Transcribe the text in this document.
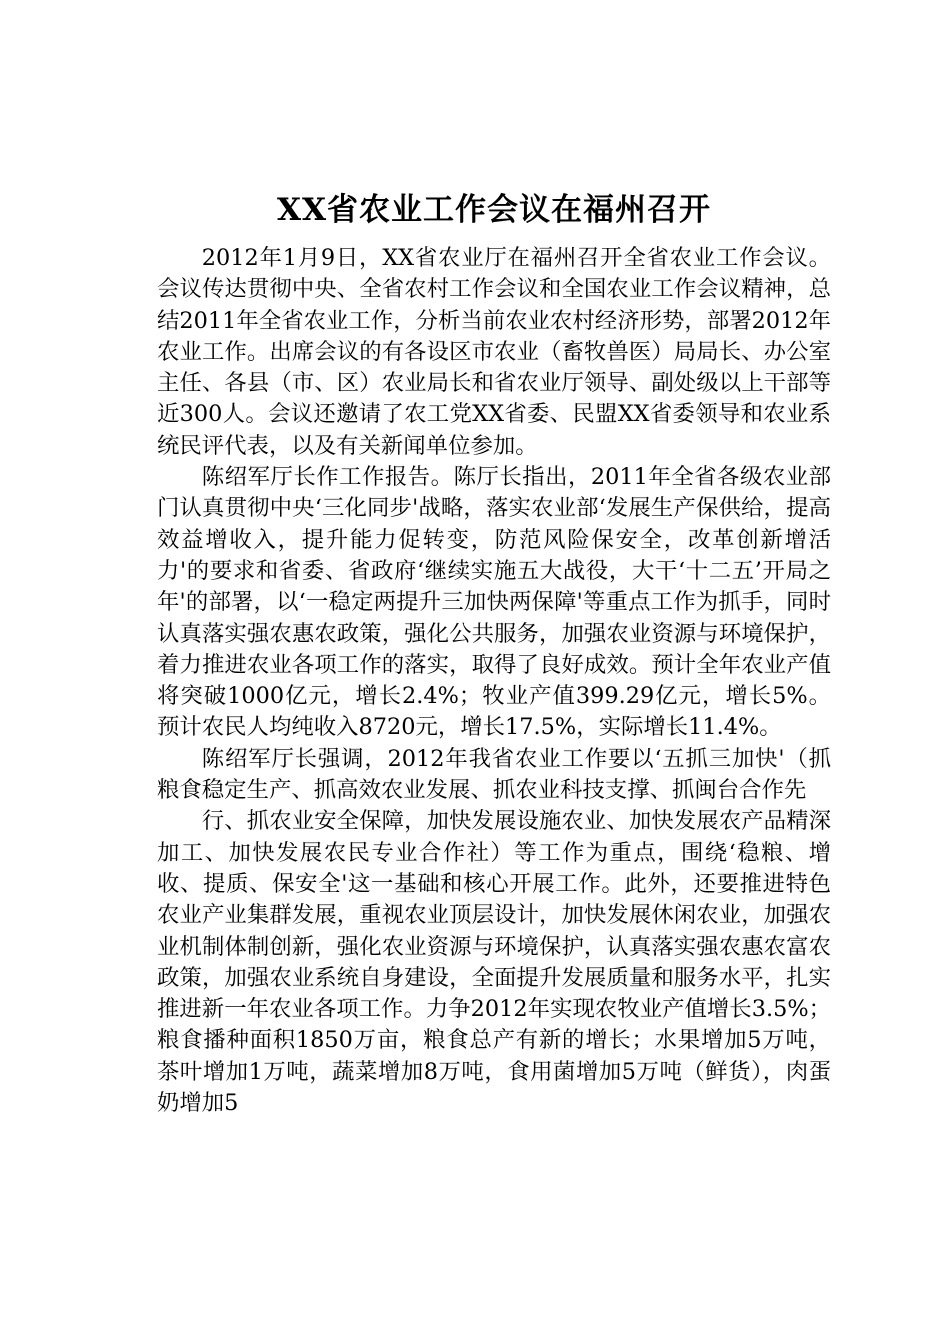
XX省农业工作会议在福州召开

2012年1月9日，XX省农业厅在福州召开全省农业工作会议。会议传达贯彻中央、全省农村工作会议和全国农业工作会议精神，总结2011年全省农业工作，分析当前农业农村经济形势，部署2012年农业工作。出席会议的有各设区市农业（畜牧兽医）局局长、办公室主任、各县（市、区）农业局长和省农业厅领导、副处级以上干部等近300人。会议还邀请了农工党XX省委、民盟XX省委领导和农业系统民评代表，以及有关新闻单位参加。

陈绍军厅长作工作报告。陈厅长指出，2011年全省各级农业部门认真贯彻中央‘三化同步'战略，落实农业部‘发展生产保供给，提高效益增收入，提升能力促转变，防范风险保安全，改革创新增活力'的要求和省委、省政府‘继续实施五大战役，大干‘十二五’开局之年'的部署，以‘一稳定两提升三加快两保障'等重点工作为抓手，同时认真落实强农惠农政策，强化公共服务，加强农业资源与环境保护，着力推进农业各项工作的落实，取得了良好成效。预计全年农业产值将突破1000亿元，增长2.4%；牧业产值399.29亿元，增长5%。预计农民人均纯收入8720元，增长17.5%，实际增长11.4%。

陈绍军厅长强调，2012年我省农业工作要以‘五抓三加快'（抓粮食稳定生产、抓高效农业发展、抓农业科技支撑、抓闽台合作先

行、抓农业安全保障，加快发展设施农业、加快发展农产品精深加工、加快发展农民专业合作社）等工作为重点，围绕‘稳粮、增收、提质、保安全'这一基础和核心开展工作。此外，还要推进特色农业产业集群发展，重视农业顶层设计，加快发展休闲农业，加强农业机制体制创新，强化农业资源与环境保护，认真落实强农惠农富农政策，加强农业系统自身建设，全面提升发展质量和服务水平，扎实推进新一年农业各项工作。力争2012年实现农牧业产值增长3.5%；粮食播种面积1850万亩，粮食总产有新的增长；水果增加5万吨，茶叶增加1万吨，蔬菜增加8万吨，食用菌增加5万吨（鲜货），肉蛋奶增加5
